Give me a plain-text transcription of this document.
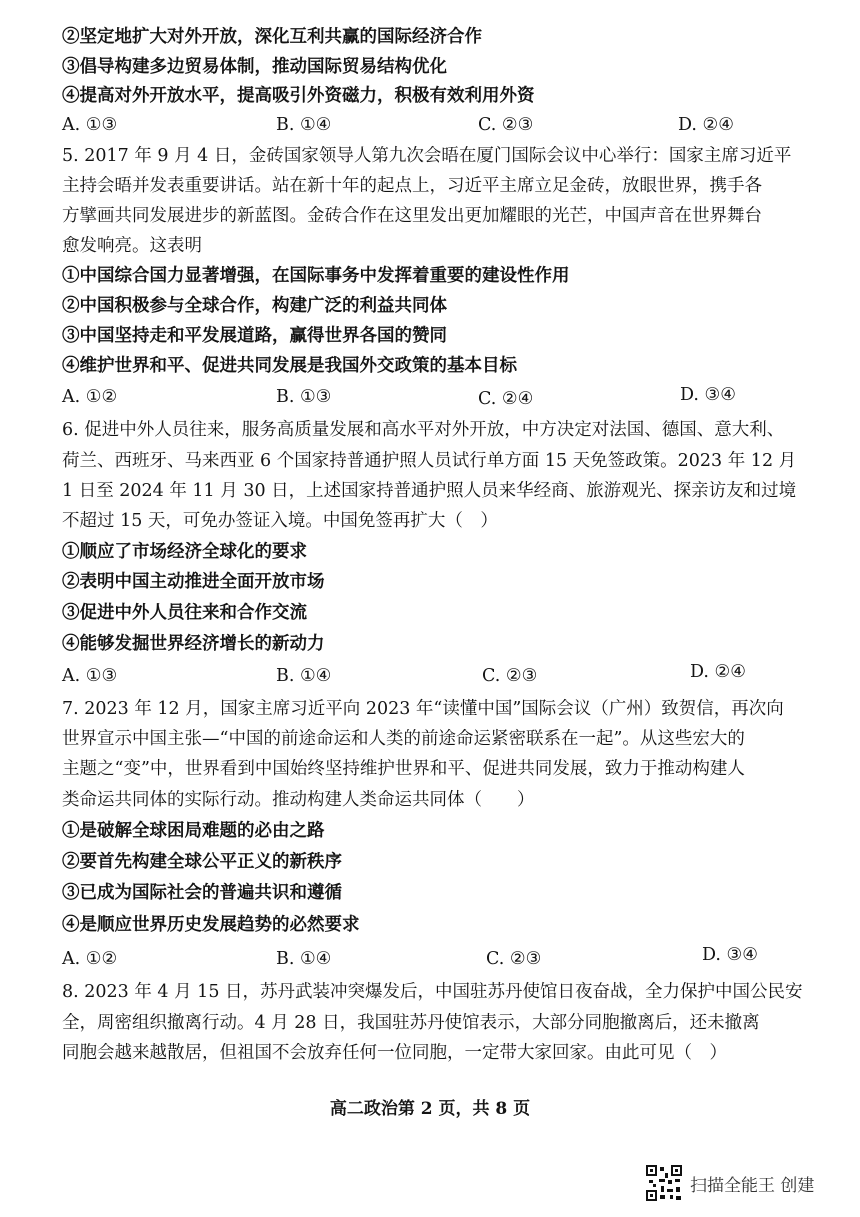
②坚定地扩大对外开放，深化互利共赢的国际经济合作
③倡导构建多边贸易体制，推动国际贸易结构优化
④提高对外开放水平，提高吸引外资磁力，积极有效利用外资
A. ①③	B. ①④	C. ②③	D. ②④
5. 2017 年 9 月 4 日，金砖国家领导人第九次会晤在厦门国际会议中心举行：国家主席习近平
主持会晤并发表重要讲话。站在新十年的起点上，习近平主席立足金砖，放眼世界，携手各
方擘画共同发展进步的新蓝图。金砖合作在这里发出更加耀眼的光芒，中国声音在世界舞台
愈发响亮。这表明
①中国综合国力显著增强，在国际事务中发挥着重要的建设性作用
②中国积极参与全球合作，构建广泛的利益共同体
③中国坚持走和平发展道路，赢得世界各国的赞同
④维护世界和平、促进共同发展是我国外交政策的基本目标
A. ①②	B. ①③	C. ②④	D. ③④
6. 促进中外人员往来，服务高质量发展和高水平对外开放，中方决定对法国、德国、意大利、
荷兰、西班牙、马来西亚 6 个国家持普通护照人员试行单方面 15 天免签政策。2023 年 12 月
1 日至 2024 年 11 月 30 日，上述国家持普通护照人员来华经商、旅游观光、探亲访友和过境
不超过 15 天，可免办签证入境。中国免签再扩大（　）
①顺应了市场经济全球化的要求
②表明中国主动推进全面开放市场
③促进中外人员往来和合作交流
④能够发掘世界经济增长的新动力
A. ①③	B. ①④	C. ②③	D. ②④
7. 2023 年 12 月，国家主席习近平向 2023 年“读懂中国”国际会议（广州）致贺信，再次向
世界宣示中国主张—“中国的前途命运和人类的前途命运紧密联系在一起”。从这些宏大的
主题之“变”中，世界看到中国始终坚持维护世界和平、促进共同发展，致力于推动构建人
类命运共同体的实际行动。推动构建人类命运共同体（　　）
①是破解全球困局难题的必由之路
②要首先构建全球公平正义的新秩序
③已成为国际社会的普遍共识和遵循
④是顺应世界历史发展趋势的必然要求
A. ①②	B. ①④	C. ②③	D. ③④
8. 2023 年 4 月 15 日，苏丹武装冲突爆发后，中国驻苏丹使馆日夜奋战，全力保护中国公民安
全，周密组织撤离行动。4 月 28 日，我国驻苏丹使馆表示，大部分同胞撤离后，还未撤离
同胞会越来越散居，但祖国不会放弃任何一位同胞，一定带大家回家。由此可见（　）
高二政治第 2 页，共 8 页
扫描全能王 创建
